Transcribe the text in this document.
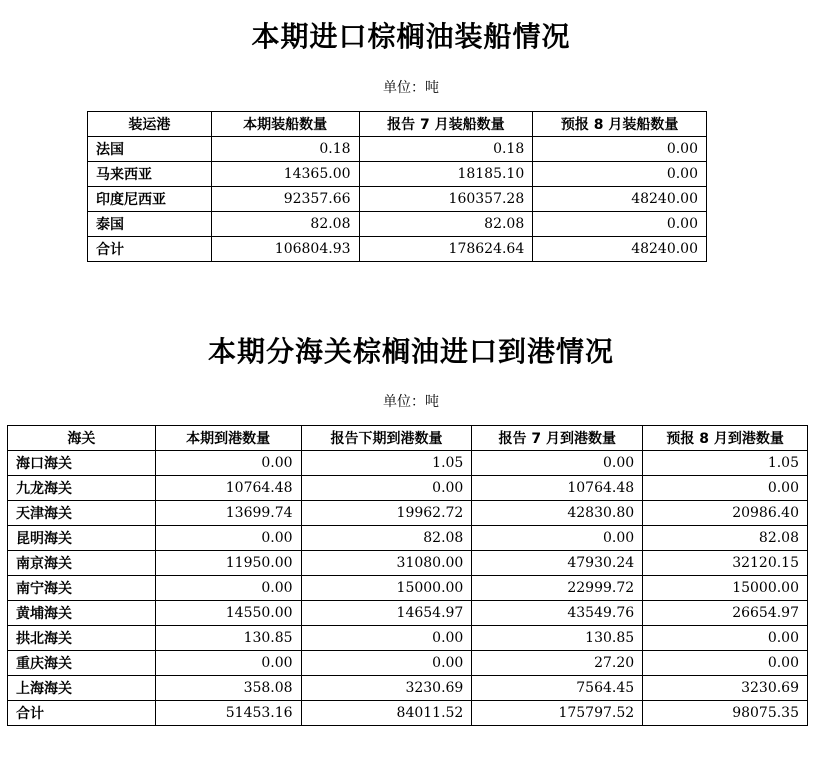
本期进口棕榈油装船情况
单位：吨
装运港	本期装船数量	报告 7 月装船数量	预报 8 月装船数量
法国	0.18	0.18	0.00
马来西亚	14365.00	18185.10	0.00
印度尼西亚	92357.66	160357.28	48240.00
泰国	82.08	82.08	0.00
合计	106804.93	178624.64	48240.00
本期分海关棕榈油进口到港情况
单位：吨
海关	本期到港数量	报告下期到港数量	报告 7 月到港数量	预报 8 月到港数量
海口海关	0.00	1.05	0.00	1.05
九龙海关	10764.48	0.00	10764.48	0.00
天津海关	13699.74	19962.72	42830.80	20986.40
昆明海关	0.00	82.08	0.00	82.08
南京海关	11950.00	31080.00	47930.24	32120.15
南宁海关	0.00	15000.00	22999.72	15000.00
黄埔海关	14550.00	14654.97	43549.76	26654.97
拱北海关	130.85	0.00	130.85	0.00
重庆海关	0.00	0.00	27.20	0.00
上海海关	358.08	3230.69	7564.45	3230.69
合计	51453.16	84011.52	175797.52	98075.35
